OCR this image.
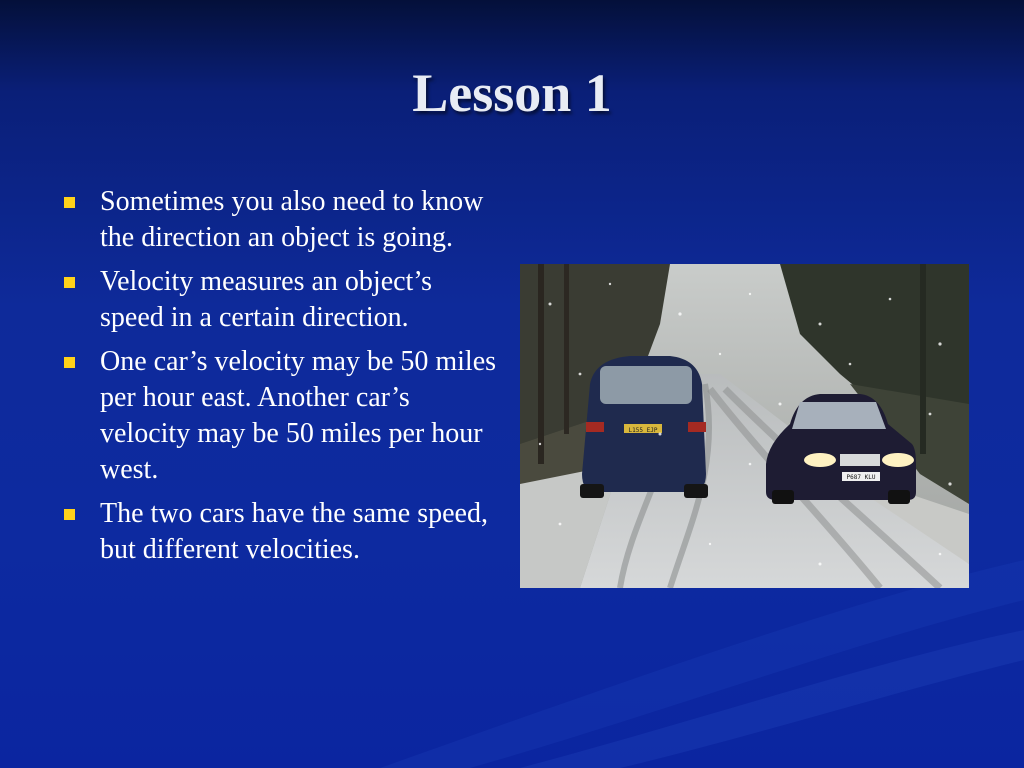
Lesson 1
Sometimes you also need to know the direction an object is going.
Velocity measures an object’s speed in a certain direction.
One car’s velocity may be 50 miles per hour east. Another car’s velocity may be 50 miles per hour west.
The two cars have the same speed, but different velocities.
L155 EJP
P687 KLU
